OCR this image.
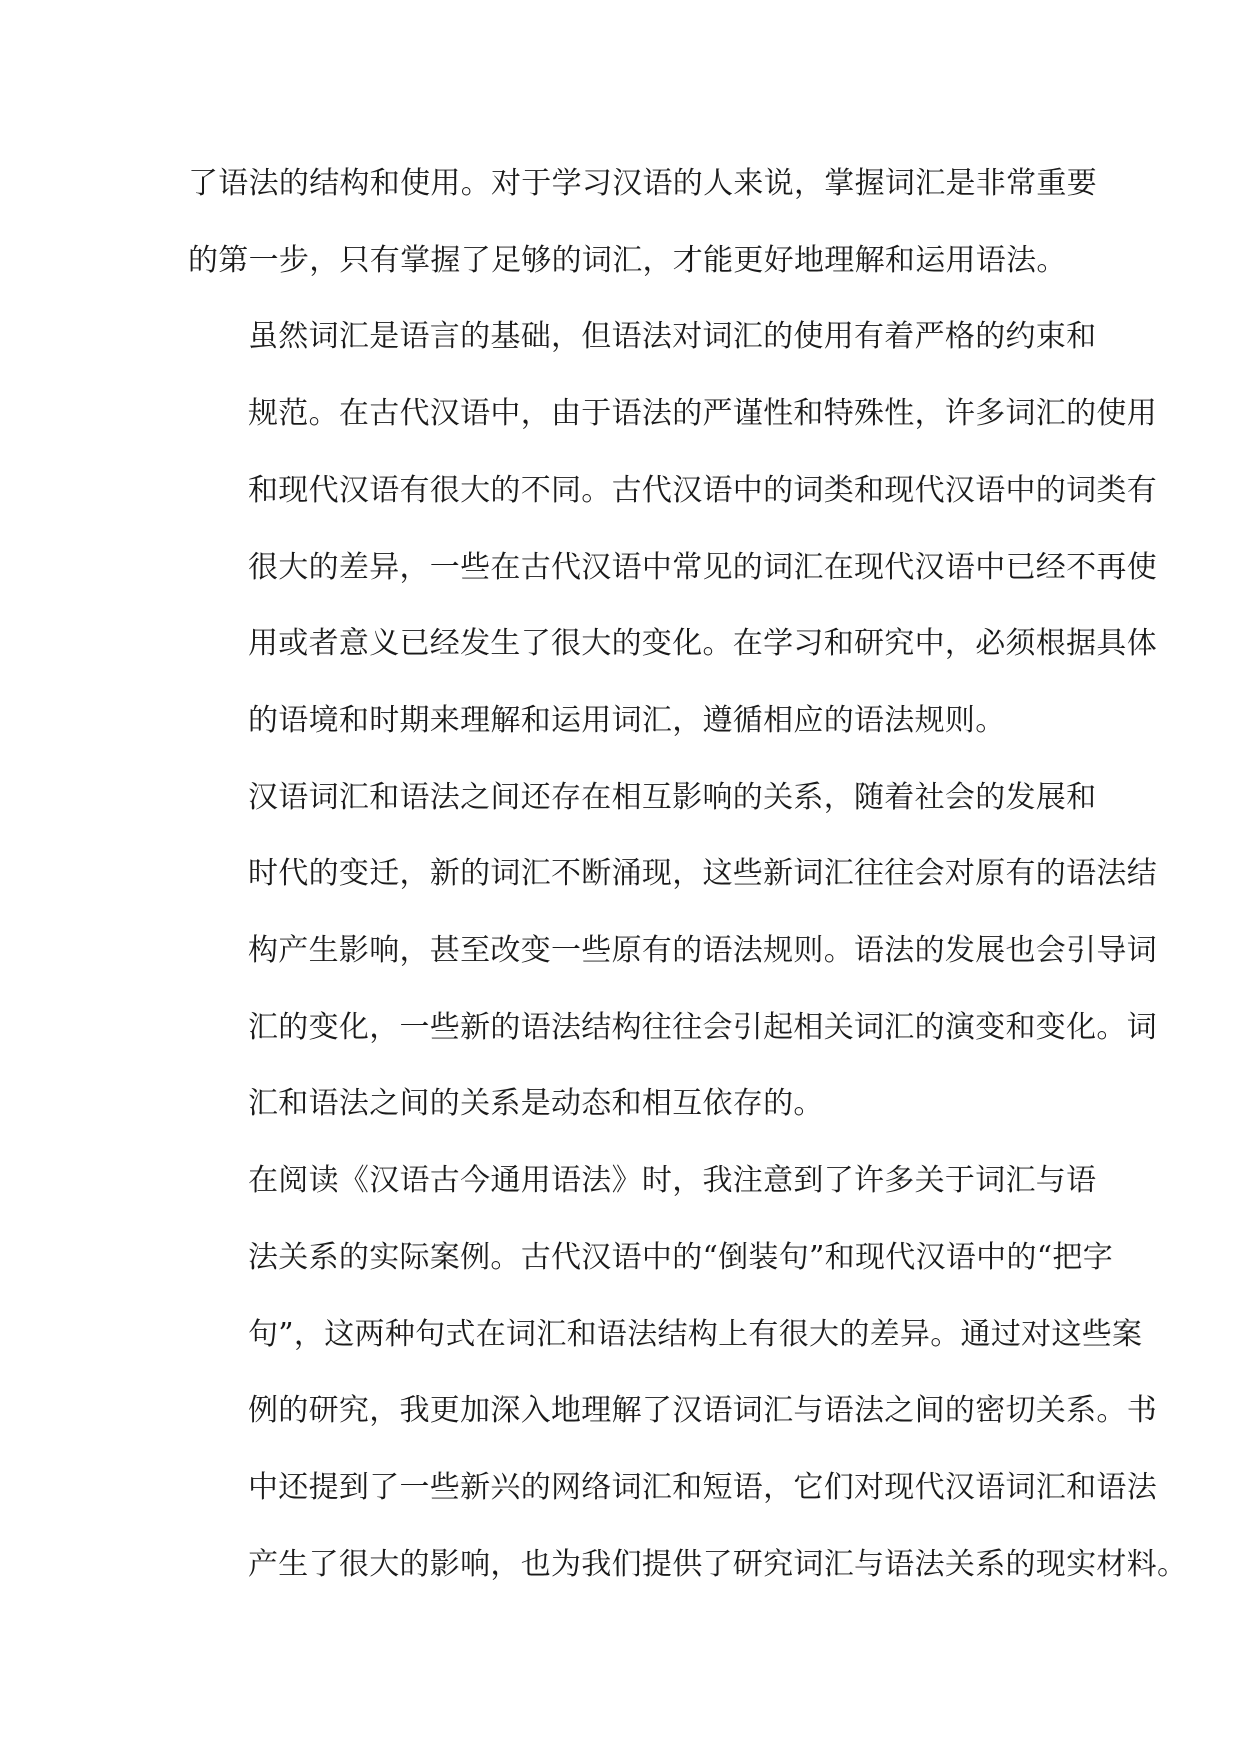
了语法的结构和使用。对于学习汉语的人来说，掌握词汇是非常重要
的第一步，只有掌握了足够的词汇，才能更好地理解和运用语法。

虽然词汇是语言的基础，但语法对词汇的使用有着严格的约束和
规范。在古代汉语中，由于语法的严谨性和特殊性，许多词汇的使用
和现代汉语有很大的不同。古代汉语中的词类和现代汉语中的词类有
很大的差异，一些在古代汉语中常见的词汇在现代汉语中已经不再使
用或者意义已经发生了很大的变化。在学习和研究中，必须根据具体
的语境和时期来理解和运用词汇，遵循相应的语法规则。

汉语词汇和语法之间还存在相互影响的关系，随着社会的发展和
时代的变迁，新的词汇不断涌现，这些新词汇往往会对原有的语法结
构产生影响，甚至改变一些原有的语法规则。语法的发展也会引导词
汇的变化，一些新的语法结构往往会引起相关词汇的演变和变化。词
汇和语法之间的关系是动态和相互依存的。

在阅读《汉语古今通用语法》时，我注意到了许多关于词汇与语
法关系的实际案例。古代汉语中的“倒装句”和现代汉语中的“把字
句”，这两种句式在词汇和语法结构上有很大的差异。通过对这些案
例的研究，我更加深入地理解了汉语词汇与语法之间的密切关系。书
中还提到了一些新兴的网络词汇和短语，它们对现代汉语词汇和语法
产生了很大的影响，也为我们提供了研究词汇与语法关系的现实材料。
